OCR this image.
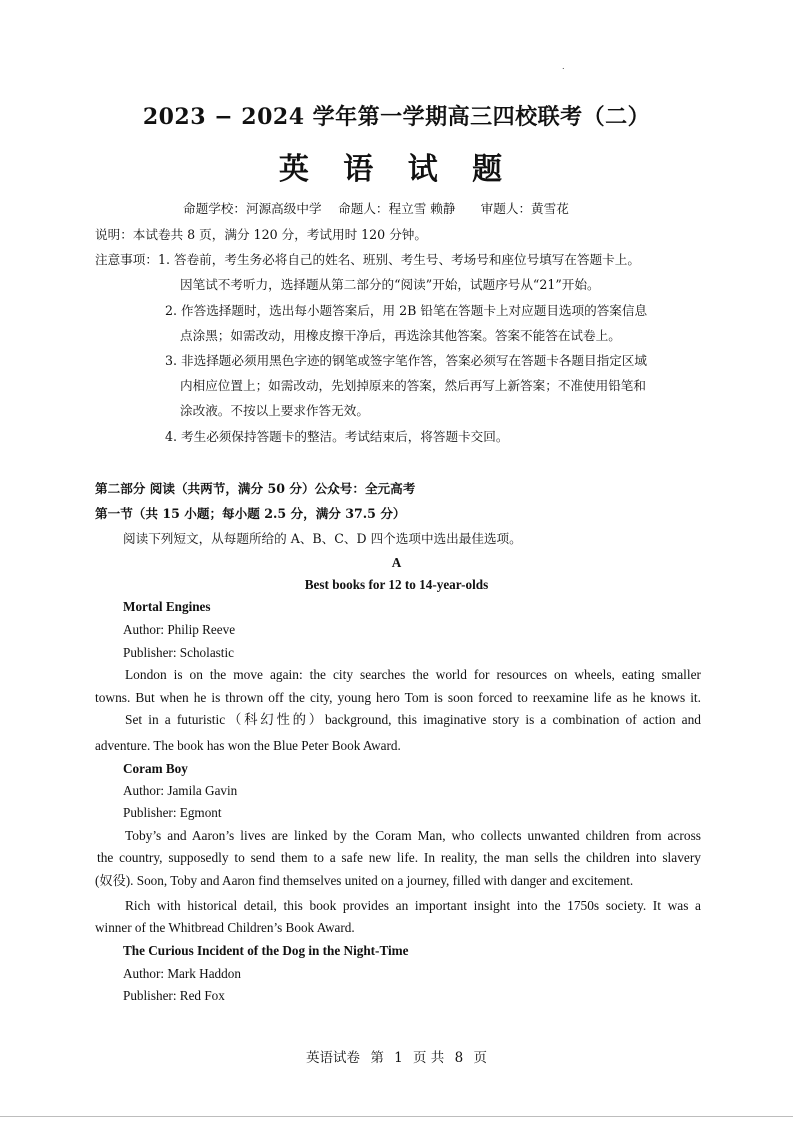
.
2023 − 2024 学年第一学期高三四校联考（二）
英 语 试 题
命题学校：河源高级中学　 命题人：程立雪 赖静　　审题人：黄雪花
说明：本试卷共 8 页，满分 120 分，考试用时 120 分钟。
注意事项：1. 答卷前，考生务必将自己的姓名、班别、考生号、考场号和座位号填写在答题卡上。
因笔试不考听力，选择题从第二部分的“阅读”开始，试题序号从“21”开始。
2. 作答选择题时，选出每小题答案后，用 2B 铅笔在答题卡上对应题目选项的答案信息
点涂黑；如需改动，用橡皮擦干净后，再选涂其他答案。答案不能答在试卷上。
3. 非选择题必须用黑色字迹的钢笔或签字笔作答，答案必须写在答题卡各题目指定区域
内相应位置上；如需改动，先划掉原来的答案，然后再写上新答案；不准使用铅笔和
涂改液。不按以上要求作答无效。
4. 考生必须保持答题卡的整洁。考试结束后，将答题卡交回。
第二部分 阅读（共两节，满分 50 分）公众号：全元高考
第一节（共 15 小题；每小题 2.5 分，满分 37.5 分）
阅读下列短文，从每题所给的 A、B、C、D 四个选项中选出最佳选项。
A
Best books for 12 to 14-year-olds
Mortal Engines
Author: Philip Reeve
Publisher: Scholastic
London is on the move again: the city searches the world for resources on wheels, eating smaller
towns. But when he is thrown off the city, young hero Tom is soon forced to reexamine life as he knows it.
Set in a futuristic（科幻性的）background, this imaginative story is a combination of action and
adventure. The book has won the Blue Peter Book Award.
Coram Boy
Author: Jamila Gavin
Publisher: Egmont
Toby’s and Aaron’s lives are linked by the Coram Man, who collects unwanted children from across
the country, supposedly to send them to a safe new life. In reality, the man sells the children into slavery
(奴役). Soon, Toby and Aaron find themselves united on a journey, filled with danger and excitement.
Rich with historical detail, this book provides an important insight into the 1750s society. It was a
winner of the Whitbread Children’s Book Award.
The Curious Incident of the Dog in the Night-Time
Author: Mark Haddon
Publisher: Red Fox
英语试卷 第 1 页 共 8 页
